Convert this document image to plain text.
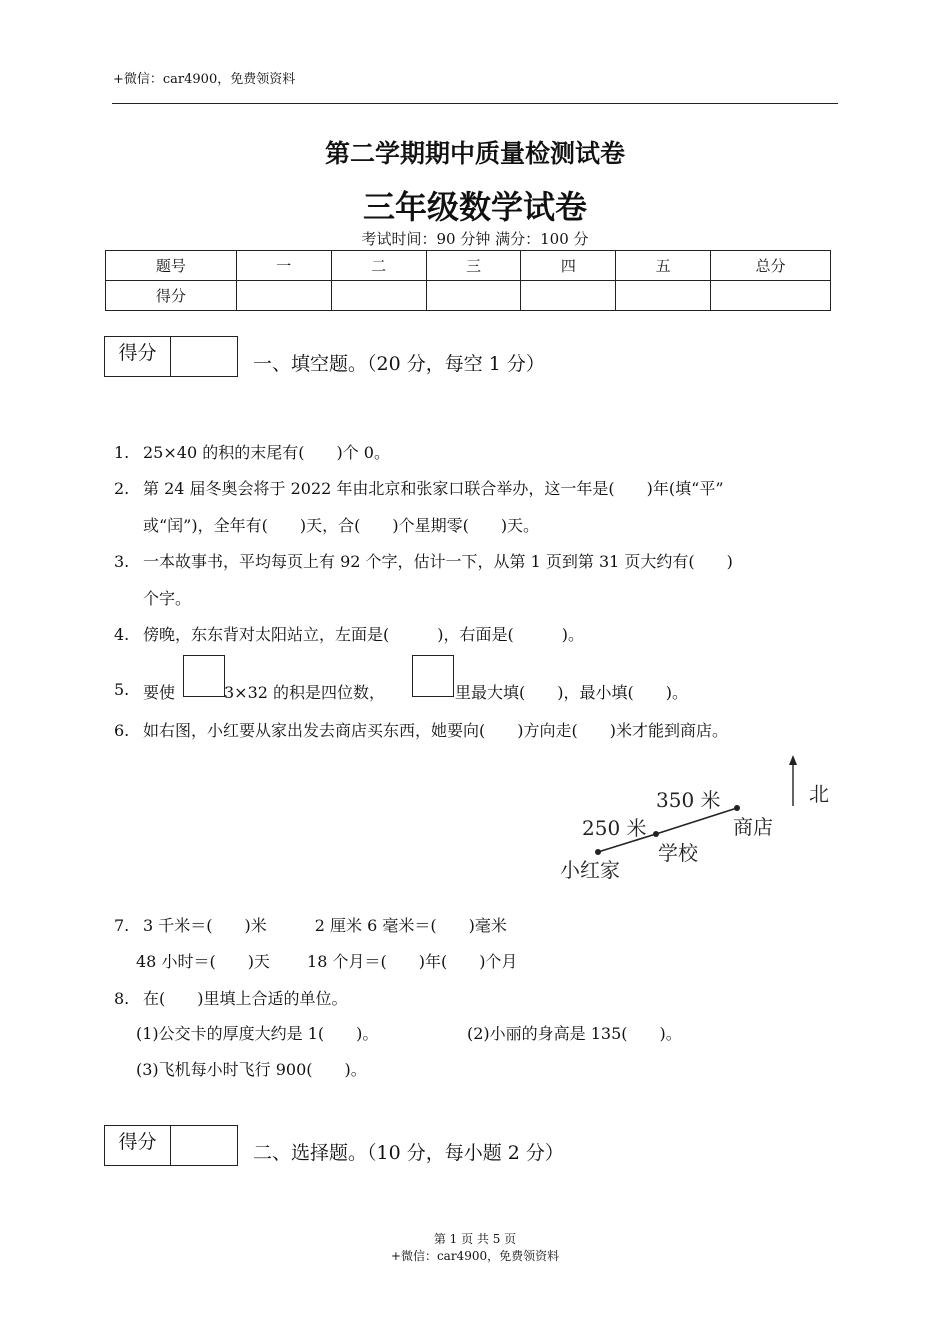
+微信：car4900，免费领资料
第二学期期中质量检测试卷
三年级数学试卷
考试时间：90 分钟 满分：100 分
题号	一	二	三	四	五	总分
得分						
得分	一、填空题。（20 分，每空 1 分）
1. 25×40 的积的末尾有(　　)个 0。
2. 第 24 届冬奥会将于 2022 年由北京和张家口联合举办，这一年是(　　)年(填“平”
或“闰”)，全年有(　　)天，合(　　)个星期零(　　)天。
3. 一本故事书，平均每页上有 92 个字，估计一下，从第 1 页到第 31 页大约有(　　)
个字。
4. 傍晚，东东背对太阳站立，左面是(　　　)，右面是(　　　)。
5. 要使	3×32 的积是四位数，	里最大填(　　)，最小填(　　)。
6. 如右图，小红要从家出发去商店买东西，她要向(　　)方向走(　　)米才能到商店。
250 米
350 米
小红家
学校
商店
北
7. 3 千米＝(　　)米　　　2 厘米 6 毫米＝(　　)毫米
48 小时＝(　　)天　　 18 个月＝(　　)年(　　)个月
8. 在(　　)里填上合适的单位。
(1)公交卡的厚度大约是 1(　　)。	(2)小丽的身高是 135(　　)。
(3)飞机每小时飞行 900(　　)。
得分	二、选择题。（10 分，每小题 2 分）
第 1 页 共 5 页
+微信：car4900，免费领资料
